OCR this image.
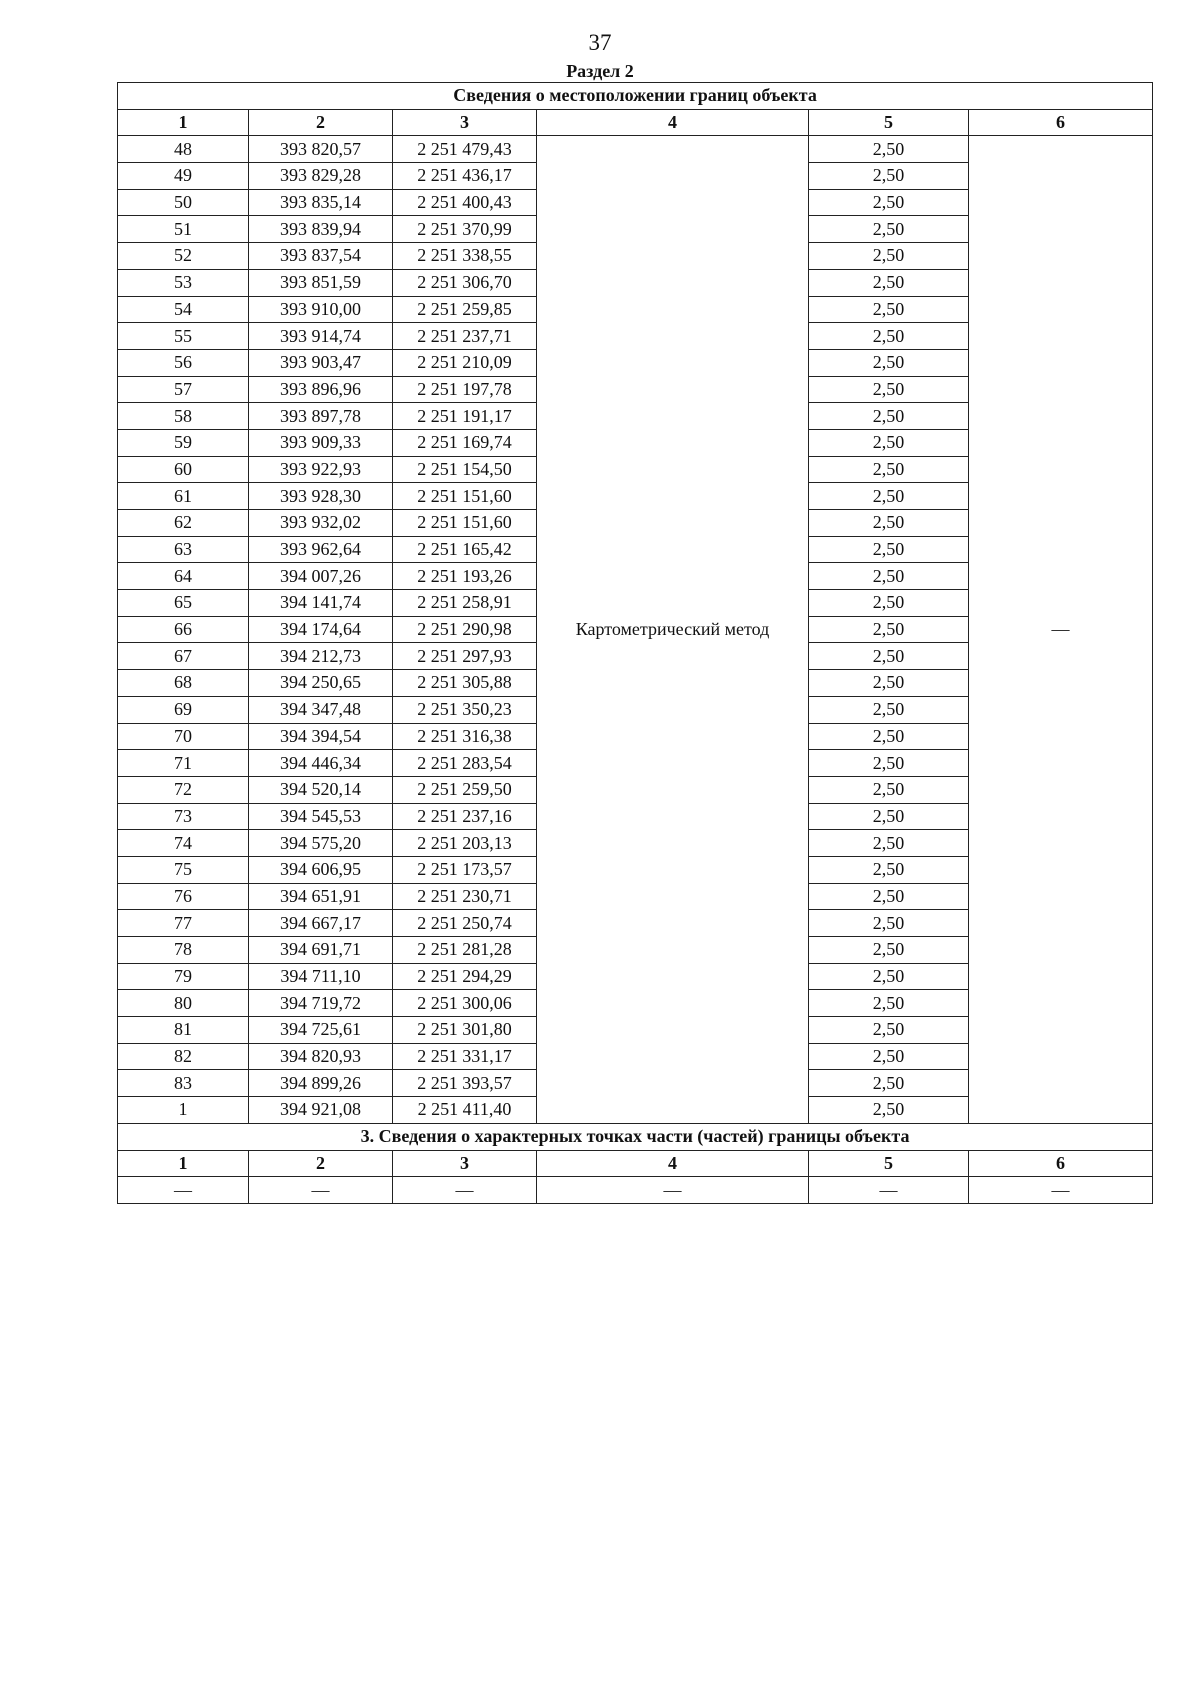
37
Раздел 2
Сведения о местоположении границ объекта					
1	2	3	4	5	6
48	393 820,57	2 251 479,43	Картометрический метод	2,50	—
49	393 829,28	2 251 436,17		2,50	
50	393 835,14	2 251 400,43		2,50	
51	393 839,94	2 251 370,99		2,50	
52	393 837,54	2 251 338,55		2,50	
53	393 851,59	2 251 306,70		2,50	
54	393 910,00	2 251 259,85		2,50	
55	393 914,74	2 251 237,71		2,50	
56	393 903,47	2 251 210,09		2,50	
57	393 896,96	2 251 197,78		2,50	
58	393 897,78	2 251 191,17		2,50	
59	393 909,33	2 251 169,74		2,50	
60	393 922,93	2 251 154,50		2,50	
61	393 928,30	2 251 151,60		2,50	
62	393 932,02	2 251 151,60		2,50	
63	393 962,64	2 251 165,42		2,50	
64	394 007,26	2 251 193,26		2,50	
65	394 141,74	2 251 258,91		2,50	
66	394 174,64	2 251 290,98		2,50	
67	394 212,73	2 251 297,93		2,50	
68	394 250,65	2 251 305,88		2,50	
69	394 347,48	2 251 350,23		2,50	
70	394 394,54	2 251 316,38		2,50	
71	394 446,34	2 251 283,54		2,50	
72	394 520,14	2 251 259,50		2,50	
73	394 545,53	2 251 237,16		2,50	
74	394 575,20	2 251 203,13		2,50	
75	394 606,95	2 251 173,57		2,50	
76	394 651,91	2 251 230,71		2,50	
77	394 667,17	2 251 250,74		2,50	
78	394 691,71	2 251 281,28		2,50	
79	394 711,10	2 251 294,29		2,50	
80	394 719,72	2 251 300,06		2,50	
81	394 725,61	2 251 301,80		2,50	
82	394 820,93	2 251 331,17		2,50	
83	394 899,26	2 251 393,57		2,50	
1	394 921,08	2 251 411,40		2,50	
3. Сведения о характерных точках части (частей) границы объекта					
1	2	3	4	5	6
—	—	—	—	—	—
